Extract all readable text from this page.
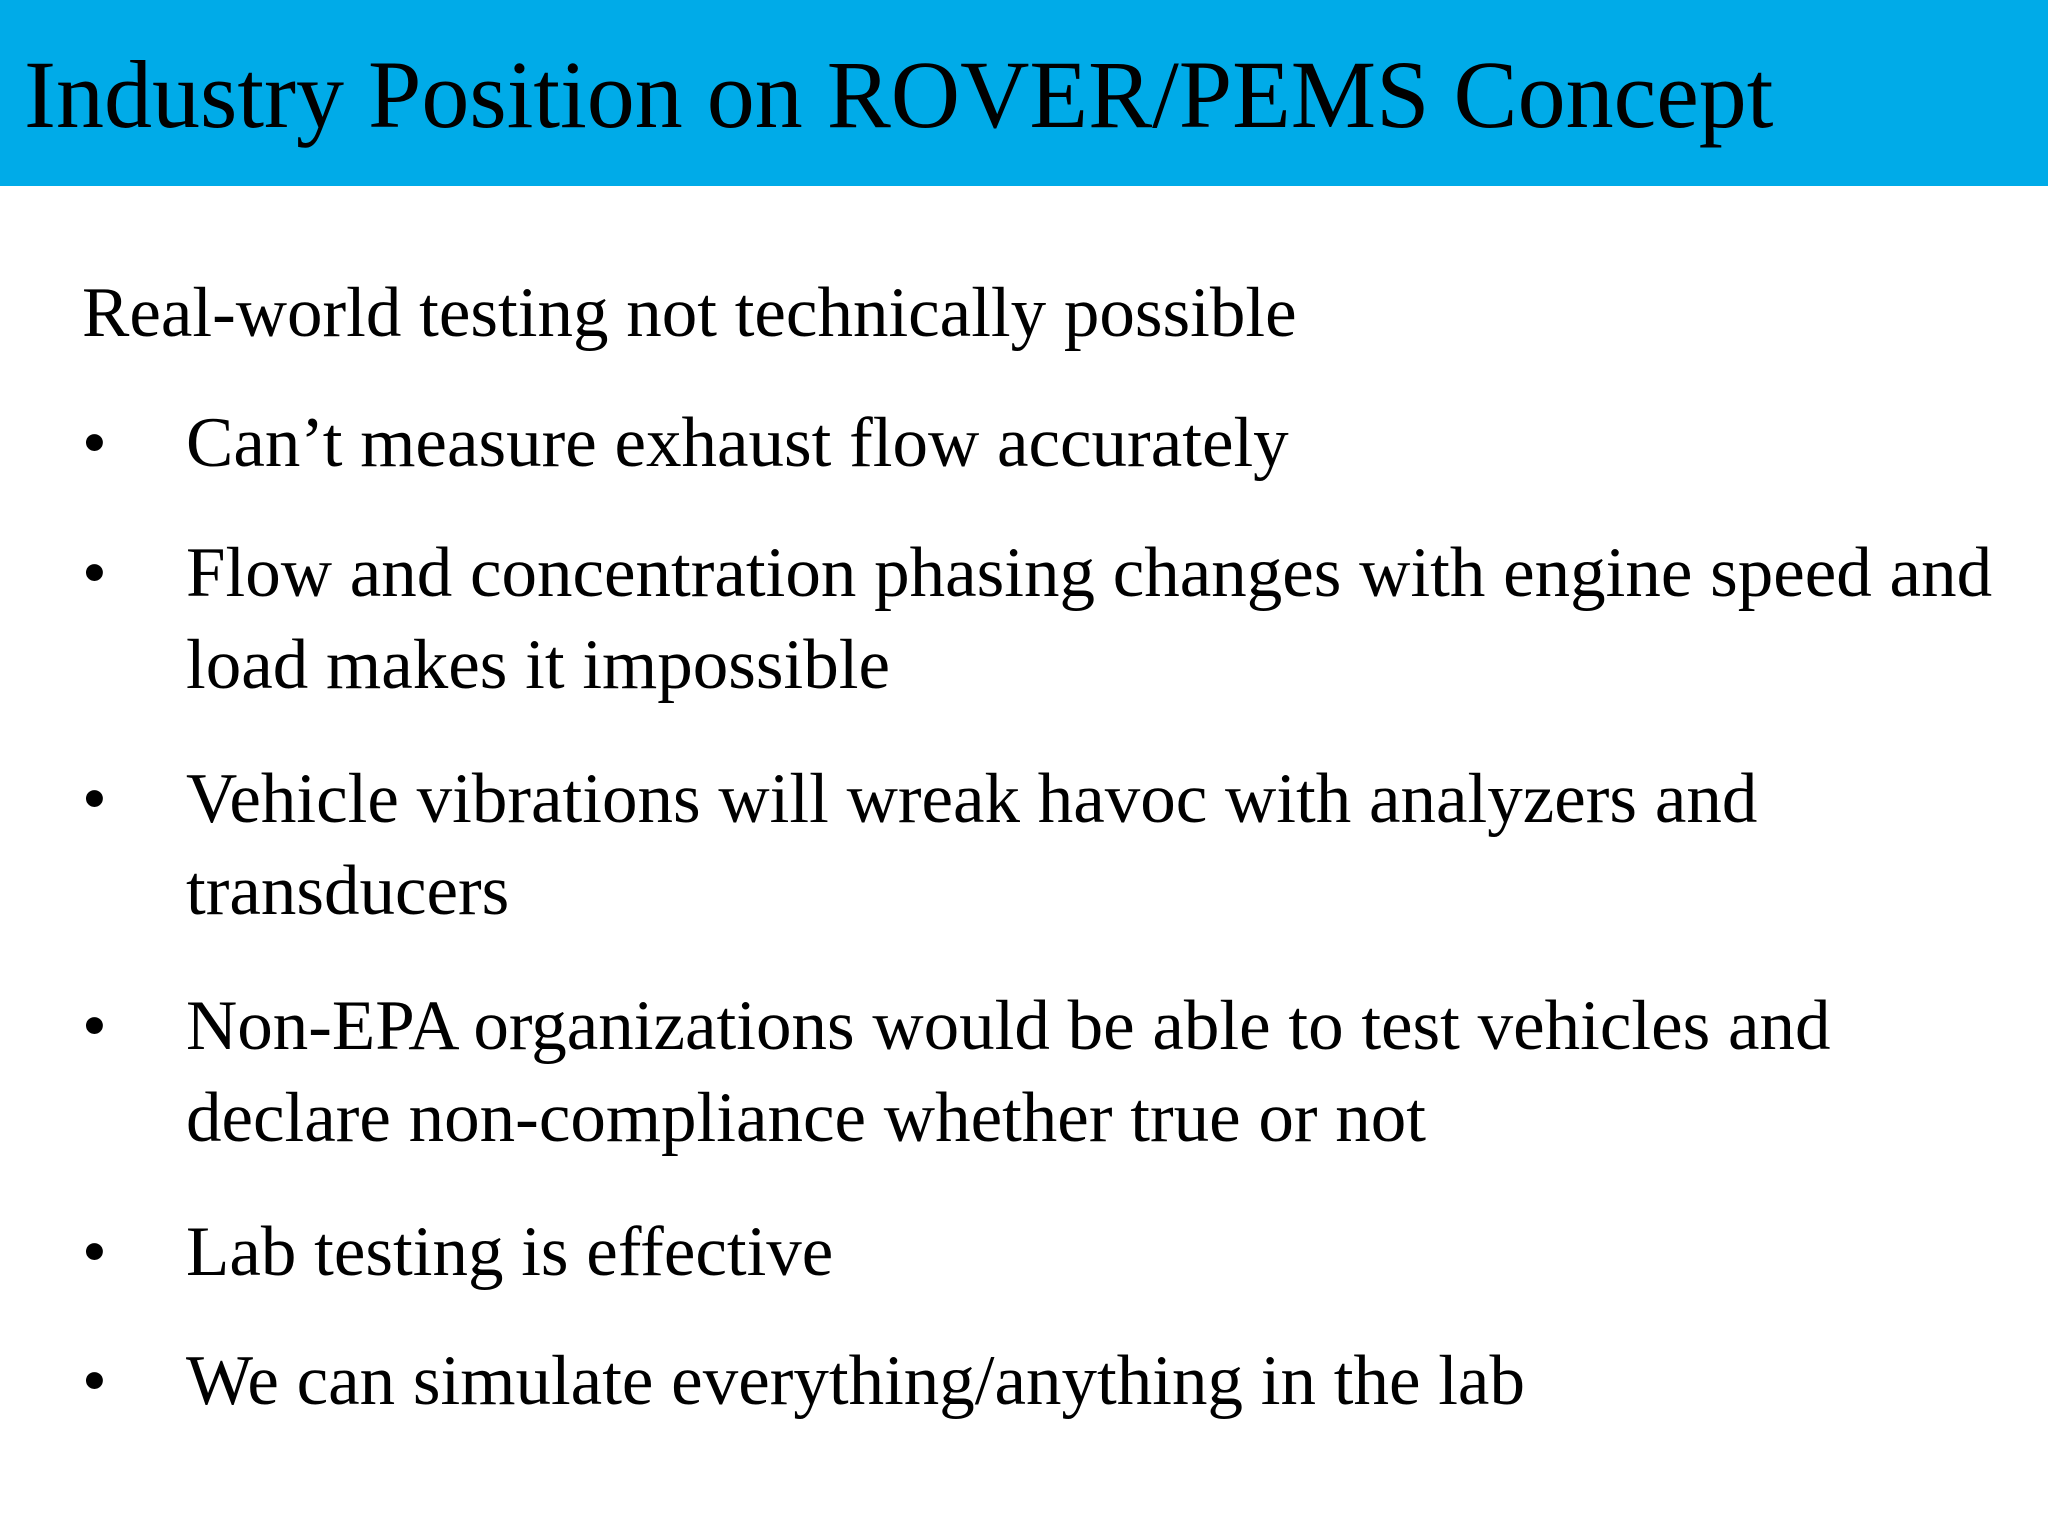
Industry Position on ROVER/PEMS Concept

Real-world testing not technically possible

• Can’t measure exhaust flow accurately
• Flow and concentration phasing changes with engine speed and load makes it impossible
• Vehicle vibrations will wreak havoc with analyzers and transducers
• Non-EPA organizations would be able to test vehicles and declare non-compliance whether true or not
• Lab testing is effective
• We can simulate everything/anything in the lab
